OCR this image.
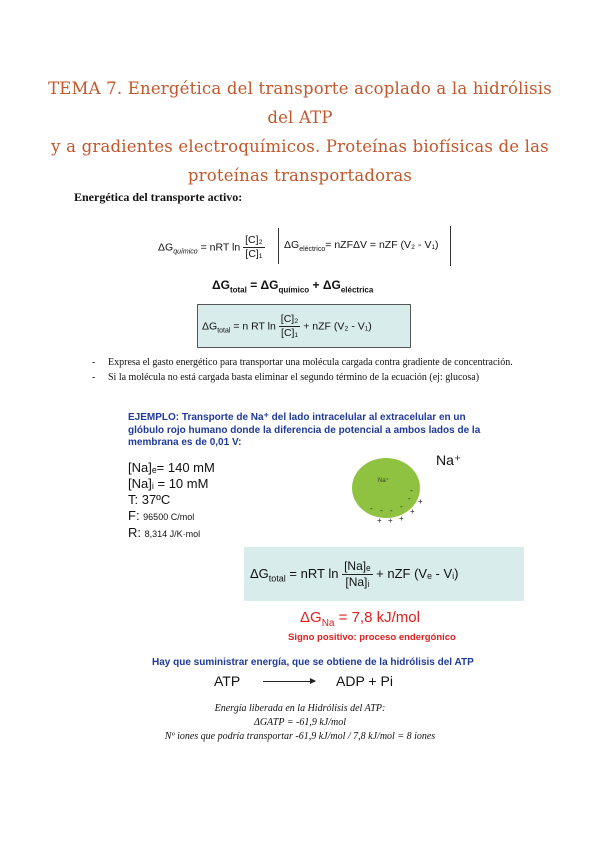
TEMA 7. Energética del transporte acoplado a la hidrólisis del ATP
y a gradientes electroquímicos. Proteínas biofísicas de las
proteínas transportadoras
Energética del transporte activo:
$\Delta G_{químico}$ = nRT $\ln \frac{\text{[C]₂}}{\text{[C]₁}} \Delta G_{eléctrico}= nZF\Delta V$ = nZF (V₂ - V₁)
$\Delta G_{total} = \Delta G_{químico} + \Delta G_{eléctrica}$
$\Delta G_{total} = n$ RT $\ln \frac{\text{[C]₂}}{\text{[C]₁}}$ + nZF (V₂ - V₁)
- Expresa el gasto energético para transportar una molécula cargada contra gradiente de concentración.
- Si la molécula no está cargada basta eliminar el segundo término de la ecuación (ej: glucosa)
EJEMPLO: Transporte de Na⁺ del lado intracelular al extracelular en un glóbulo rojo humano donde la diferencia de potencial a ambos lados de la membrana es de 0,01 V:
[Na]ₑ= 140 mM
[Na]ᵢ = 10 mM
T: 37ºC
F: 96500 C/mol
R: 8,314 J/K·mol
Na⁺
Na⁺
-
-
-
-
-
-
+
+
+
+
+
$\Delta G_{total}$ = nRT $\ln \frac{\text{[Na]ₑ}}{\text{[Na]ᵢ}}$ + nZF (Vₑ - Vᵢ)
$\Delta G_{Na} = 7,8$ kJ/mol
Signo positivo: proceso endergónico
Hay que suministrar energía, que se obtiene de la hidrólisis del ATP
ATP → ADP + Pi
Energía liberada en la Hidrólisis del ATP:
ΔGATP = -61,9 kJ/mol
Nº iones que podría transportar -61,9 kJ/mol / 7,8 kJ/mol = 8 iones
